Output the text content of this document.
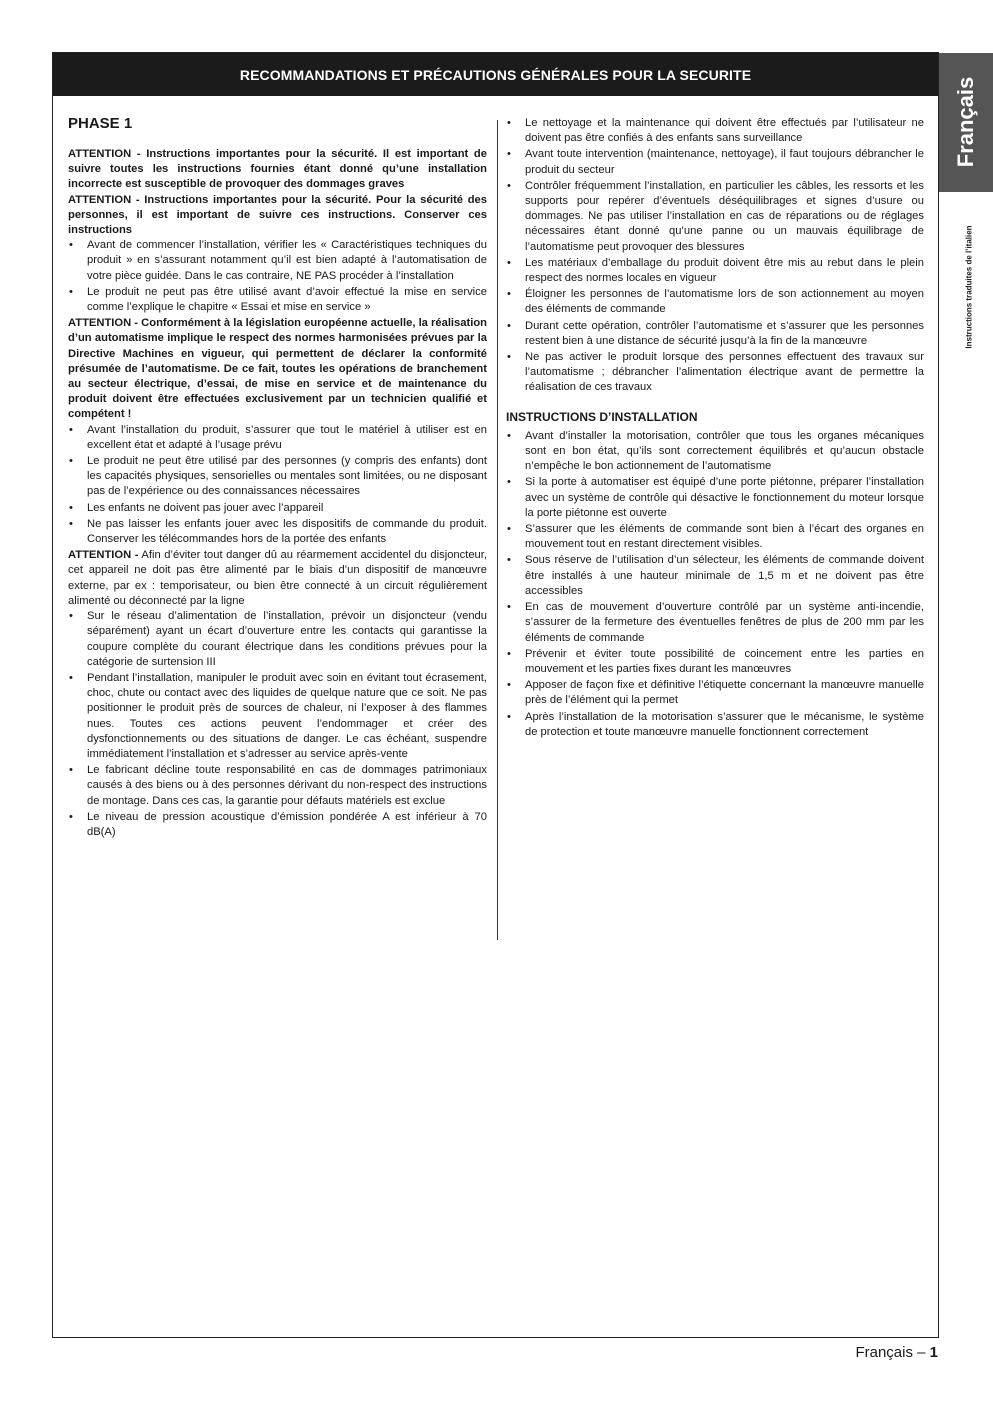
RECOMMANDATIONS ET PRÉCAUTIONS GÉNÉRALES POUR LA SECURITE
Français
Instructions traduites de l’italien
PHASE 1

ATTENTION - Instructions importantes pour la sécurité. Il est important de suivre toutes les instructions fournies étant donné qu’une installation incorrecte est susceptible de provoquer des dommages graves

ATTENTION - Instructions importantes pour la sécurité. Pour la sécurité des personnes, il est important de suivre ces instructions. Conserver ces instructions

• Avant de commencer l’installation, vérifier les « Caractéristiques techniques du produit » en s’assurant notamment qu’il est bien adapté à l’automatisation de votre pièce guidée. Dans le cas contraire, NE PAS procéder à l’installation
• Le produit ne peut pas être utilisé avant d’avoir effectué la mise en service comme l’explique le chapitre « Essai et mise en service »

ATTENTION - Conformément à la législation européenne actuelle, la réalisation d’un automatisme implique le respect des normes harmonisées prévues par la Directive Machines en vigueur, qui permettent de déclarer la conformité présumée de l’automatisme. De ce fait, toutes les opérations de branchement au secteur électrique, d’essai, de mise en service et de maintenance du produit doivent être effectuées exclusivement par un technicien qualifié et compétent !

• Avant l’installation du produit, s’assurer que tout le matériel à utiliser est en excellent état et adapté à l’usage prévu
• Le produit ne peut être utilisé par des personnes (y compris des enfants) dont les capacités physiques, sensorielles ou mentales sont limitées, ou ne disposant pas de l’expérience ou des connaissances nécessaires
• Les enfants ne doivent pas jouer avec l’appareil
• Ne pas laisser les enfants jouer avec les dispositifs de commande du produit. Conserver les télécommandes hors de la portée des enfants

ATTENTION - Afin d’éviter tout danger dû au réarmement accidentel du disjoncteur, cet appareil ne doit pas être alimenté par le biais d’un dispositif de manœuvre externe, par ex : temporisateur, ou bien être connecté à un circuit régulièrement alimenté ou déconnecté par la ligne

• Sur le réseau d’alimentation de l’installation, prévoir un disjoncteur (vendu séparément) ayant un écart d’ouverture entre les contacts qui garantisse la coupure complète du courant électrique dans les conditions prévues pour la catégorie de surtension III
• Pendant l’installation, manipuler le produit avec soin en évitant tout écrasement, choc, chute ou contact avec des liquides de quelque nature que ce soit. Ne pas positionner le produit près de sources de chaleur, ni l’exposer à des flammes nues. Toutes ces actions peuvent l’endommager et créer des dysfonctionnements ou des situations de danger. Le cas échéant, suspendre immédiatement l’installation et s’adresser au service après-vente
• Le fabricant décline toute responsabilité en cas de dommages patrimoniaux causés à des biens ou à des personnes dérivant du non-respect des instructions de montage. Dans ces cas, la garantie pour défauts matériels est exclue
• Le niveau de pression acoustique d’émission pondérée A est inférieur à 70 dB(A)
• Le nettoyage et la maintenance qui doivent être effectués par l’utilisateur ne doivent pas être confiés à des enfants sans surveillance
• Avant toute intervention (maintenance, nettoyage), il faut toujours débrancher le produit du secteur
• Contrôler fréquemment l’installation, en particulier les câbles, les ressorts et les supports pour repérer d’éventuels déséquilibrages et signes d’usure ou dommages. Ne pas utiliser l’installation en cas de réparations ou de réglages nécessaires étant donné qu’une panne ou un mauvais équilibrage de l’automatisme peut provoquer des blessures
• Les matériaux d’emballage du produit doivent être mis au rebut dans le plein respect des normes locales en vigueur
• Éloigner les personnes de l’automatisme lors de son actionnement au moyen des éléments de commande
• Durant cette opération, contrôler l’automatisme et s’assurer que les personnes restent bien à une distance de sécurité jusqu’à la fin de la manœuvre
• Ne pas activer le produit lorsque des personnes effectuent des travaux sur l’automatisme ; débrancher l’alimentation électrique avant de permettre la réalisation de ces travaux
INSTRUCTIONS D’INSTALLATION
• Avant d’installer la motorisation, contrôler que tous les organes mécaniques sont en bon état, qu’ils sont correctement équilibrés et qu’aucun obstacle n’empêche le bon actionnement de l’automatisme
• Si la porte à automatiser est équipé d’une porte piétonne, préparer l’installation avec un système de contrôle qui désactive le fonctionnement du moteur lorsque la porte piétonne est ouverte
• S’assurer que les éléments de commande sont bien à l’écart des organes en mouvement tout en restant directement visibles.
• Sous réserve de l’utilisation d’un sélecteur, les éléments de commande doivent être installés à une hauteur minimale de 1,5 m et ne doivent pas être accessibles
• En cas de mouvement d’ouverture contrôlé par un système anti-incendie, s’assurer de la fermeture des éventuelles fenêtres de plus de 200 mm par les éléments de commande
• Prévenir et éviter toute possibilité de coincement entre les parties en mouvement et les parties fixes durant les manœuvres
• Apposer de façon fixe et définitive l’étiquette concernant la manœuvre manuelle près de l’élément qui la permet
• Après l’installation de la motorisation s’assurer que le mécanisme, le système de protection et toute manœuvre manuelle fonctionnent correctement
Français – 1
